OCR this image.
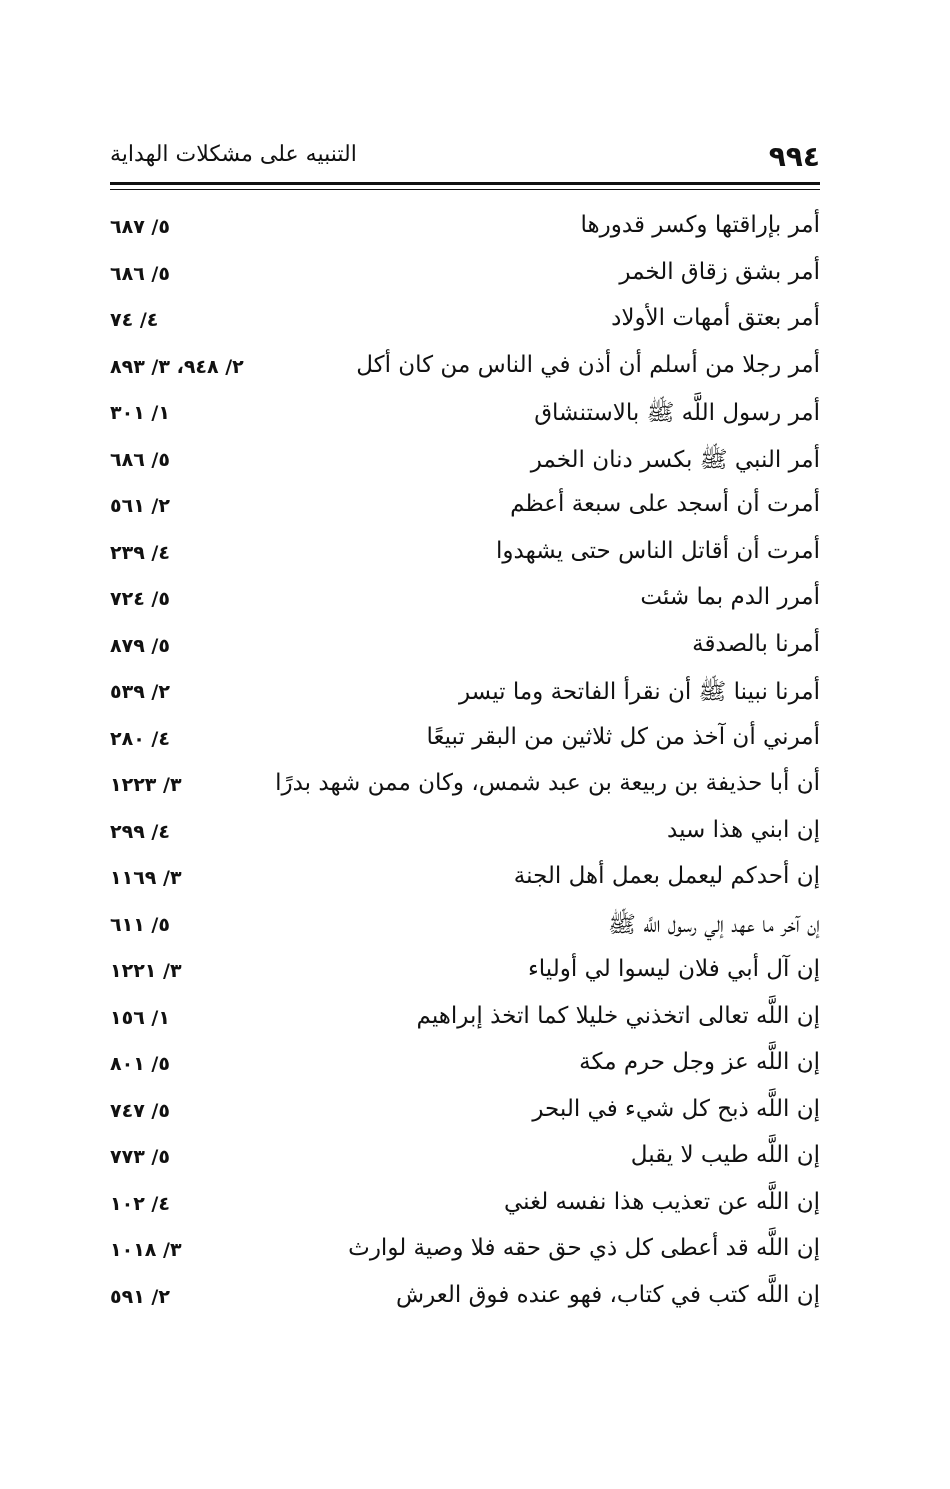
٩٩٤
التنبيه على مشكلات الهداية
أمر بإراقتها وكسر قدورها
٥/ ٦٨٧
أمر بشق زقاق الخمر
٥/ ٦٨٦
أمر بعتق أمهات الأولاد
٤/ ٧٤
أمر رجلا من أسلم أن أذن في الناس من كان أكل
٢/ ٩٤٨، ٣/ ٨٩٣
أمر رسول اللَّه ﷺ بالاستنشاق
١/ ٣٠١
أمر النبي ﷺ بكسر دنان الخمر
٥/ ٦٨٦
أمرت أن أسجد على سبعة أعظم
٢/ ٥٦١
أمرت أن أقاتل الناس حتى يشهدوا
٤/ ٢٣٩
أمرر الدم بما شئت
٥/ ٧٢٤
أمرنا بالصدقة
٥/ ٨٧٩
أمرنا نبينا ﷺ أن نقرأ الفاتحة وما تيسر
٢/ ٥٣٩
أمرني أن آخذ من كل ثلاثين من البقر تبيعًا
٤/ ٢٨٠
أن أبا حذيفة بن ربيعة بن عبد شمس، وكان ممن شهد بدرًا
٣/ ١٢٢٣
إن ابني هذا سيد
٤/ ٢٩٩
إن أحدكم ليعمل بعمل أهل الجنة
٣/ ١١٦٩
إن آخر ما عهد إلي رسول اللَّه ﷺ
٥/ ٦١١
إن آل أبي فلان ليسوا لي أولياء
٣/ ١٢٢١
إن اللَّه تعالى اتخذني خليلا كما اتخذ إبراهيم
١/ ١٥٦
إن اللَّه عز وجل حرم مكة
٥/ ٨٠١
إن اللَّه ذبح كل شيء في البحر
٥/ ٧٤٧
إن اللَّه طيب لا يقبل
٥/ ٧٧٣
إن اللَّه عن تعذيب هذا نفسه لغني
٤/ ١٠٢
إن اللَّه قد أعطى كل ذي حق حقه فلا وصية لوارث
٣/ ١٠١٨
إن اللَّه كتب في كتاب، فهو عنده فوق العرش
٢/ ٥٩١
